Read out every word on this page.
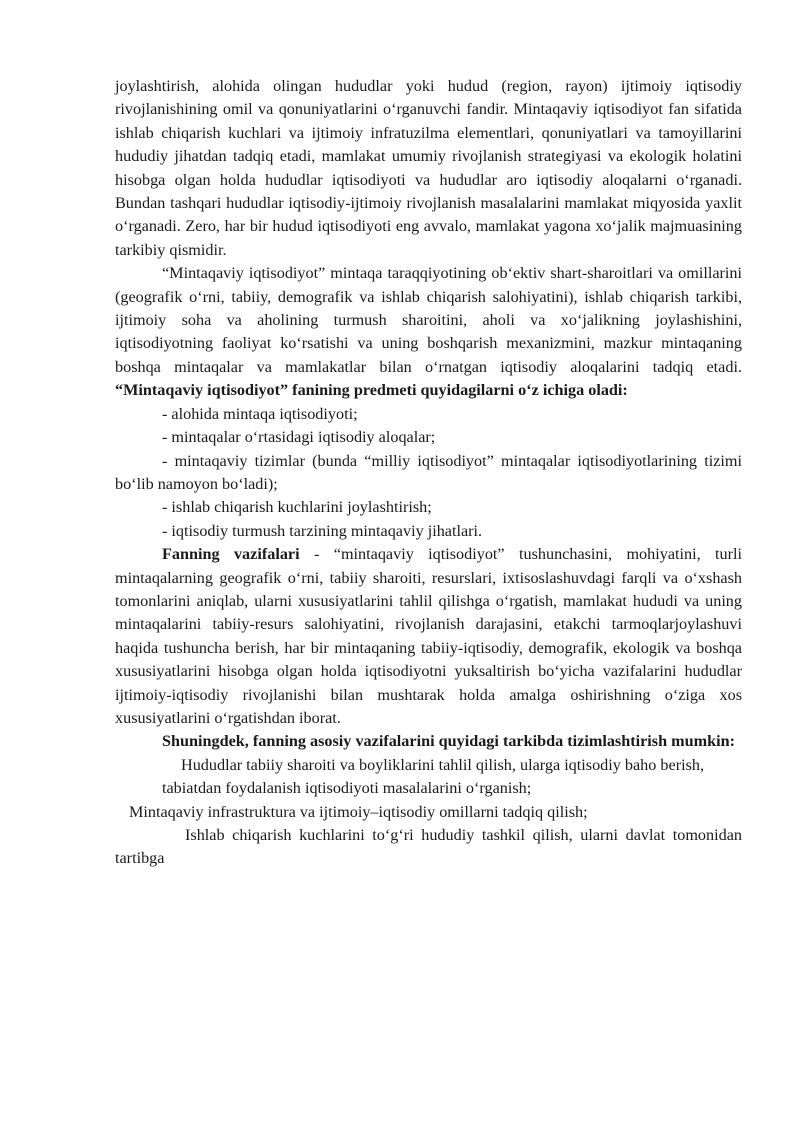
joylashtirish, alohida olingan hududlar yoki hudud (region, rayon) ijtimoiy iqtisodiy rivojlanishining omil va qonuniyatlarini o‘rganuvchi fandir. Mintaqaviy iqtisodiyot fan sifatida ishlab chiqarish kuchlari va ijtimoiy infratuzilma elementlari, qonuniyatlari va tamoyillarini hududiy jihatdan tadqiq etadi, mamlakat umumiy rivojlanish strategiyasi va ekologik holatini hisobga olgan holda hududlar iqtisodiyoti va hududlar aro iqtisodiy aloqalarni o‘rganadi. Bundan tashqari hududlar iqtisodiy-ijtimoiy rivojlanish masalalarini mamlakat miqyosida yaxlit o‘rganadi. Zero, har bir hudud iqtisodiyoti eng avvalo, mamlakat yagona xo‘jalik majmuasining tarkibiy qismidir.

“Mintaqaviy iqtisodiyot” mintaqa taraqqiyotining ob‘ektiv shart-sharoitlari va omillarini (geografik o‘rni, tabiiy, demografik va ishlab chiqarish salohiyatini), ishlab chiqarish tarkibi, ijtimoiy soha va aholining turmush sharoitini, aholi va xo‘jalikning joylashishini, iqtisodiyotning faoliyat ko‘rsatishi va uning boshqarish mexanizmini, mazkur mintaqaning boshqa mintaqalar va mamlakatlar bilan o‘rnatgan iqtisodiy aloqalarini tadqiq etadi. “Mintaqaviy iqtisodiyot” fanining predmeti quyidagilarni o‘z ichiga oladi:

- alohida mintaqa iqtisodiyoti;

- mintaqalar o‘rtasidagi iqtisodiy aloqalar;

- mintaqaviy tizimlar (bunda “milliy iqtisodiyot” mintaqalar iqtisodiyotlarining tizimi bo‘lib namoyon bo‘ladi);

- ishlab chiqarish kuchlarini joylashtirish;

- iqtisodiy turmush tarzining mintaqaviy jihatlari.

Fanning vazifalari - “mintaqaviy iqtisodiyot” tushunchasini, mohiyatini, turli mintaqalarning geografik o‘rni, tabiiy sharoiti, resurslari, ixtisoslashuvdagi farqli va o‘xshash tomonlarini aniqlab, ularni xususiyatlarini tahlil qilishga o‘rgatish, mamlakat hududi va uning mintaqalarini tabiiy-resurs salohiyatini, rivojlanish darajasini, etakchi tarmoqlarjoylashuvi haqida tushuncha berish, har bir mintaqaning tabiiy-iqtisodiy, demografik, ekologik va boshqa xususiyatlarini hisobga olgan holda iqtisodiyotni yuksaltirish bo‘yicha vazifalarini hududlar ijtimoiy-iqtisodiy rivojlanishi bilan mushtarak holda amalga oshirishning o‘ziga xos xususiyatlarini o‘rgatishdan iborat.

Shuningdek, fanning asosiy vazifalarini quyidagi tarkibda tizimlashtirish mumkin:

Hududlar tabiiy sharoiti va boyliklarini tahlil qilish, ularga iqtisodiy baho berish,

tabiatdan foydalanish iqtisodiyoti masalalarini o‘rganish;

Mintaqaviy infrastruktura va ijtimoiy–iqtisodiy omillarni tadqiq qilish;

Ishlab chiqarish kuchlarini to‘g‘ri hududiy tashkil qilish, ularni davlat tomonidan tartibga
